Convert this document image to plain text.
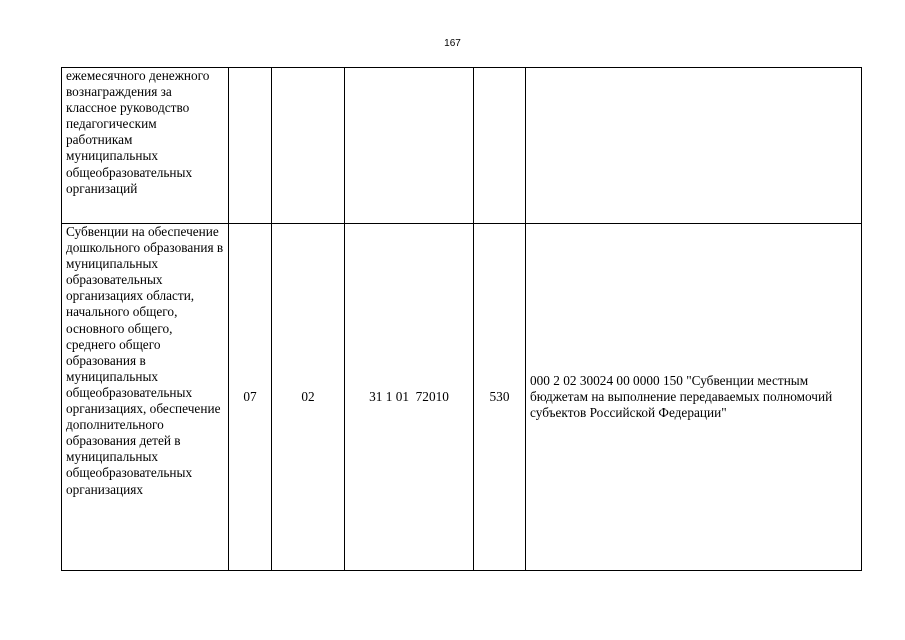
167
ежемесячного денежного вознаграждения за классное руководство педагогическим работникам муниципальных общеобразовательных организаций					
Субвенции на обеспечение дошкольного образования в муниципальных образовательных организациях области, начального общего, основного общего, среднего общего образования в муниципальных общеобразовательных организациях, обеспечение дополнительного образования детей в муниципальных общеобразовательных организациях	07	02	31 1 01  72010	530	000 2 02 30024 00 0000 150 "Субвенции местным бюджетам на выполнение передаваемых полномочий субъектов Российской Федерации"
